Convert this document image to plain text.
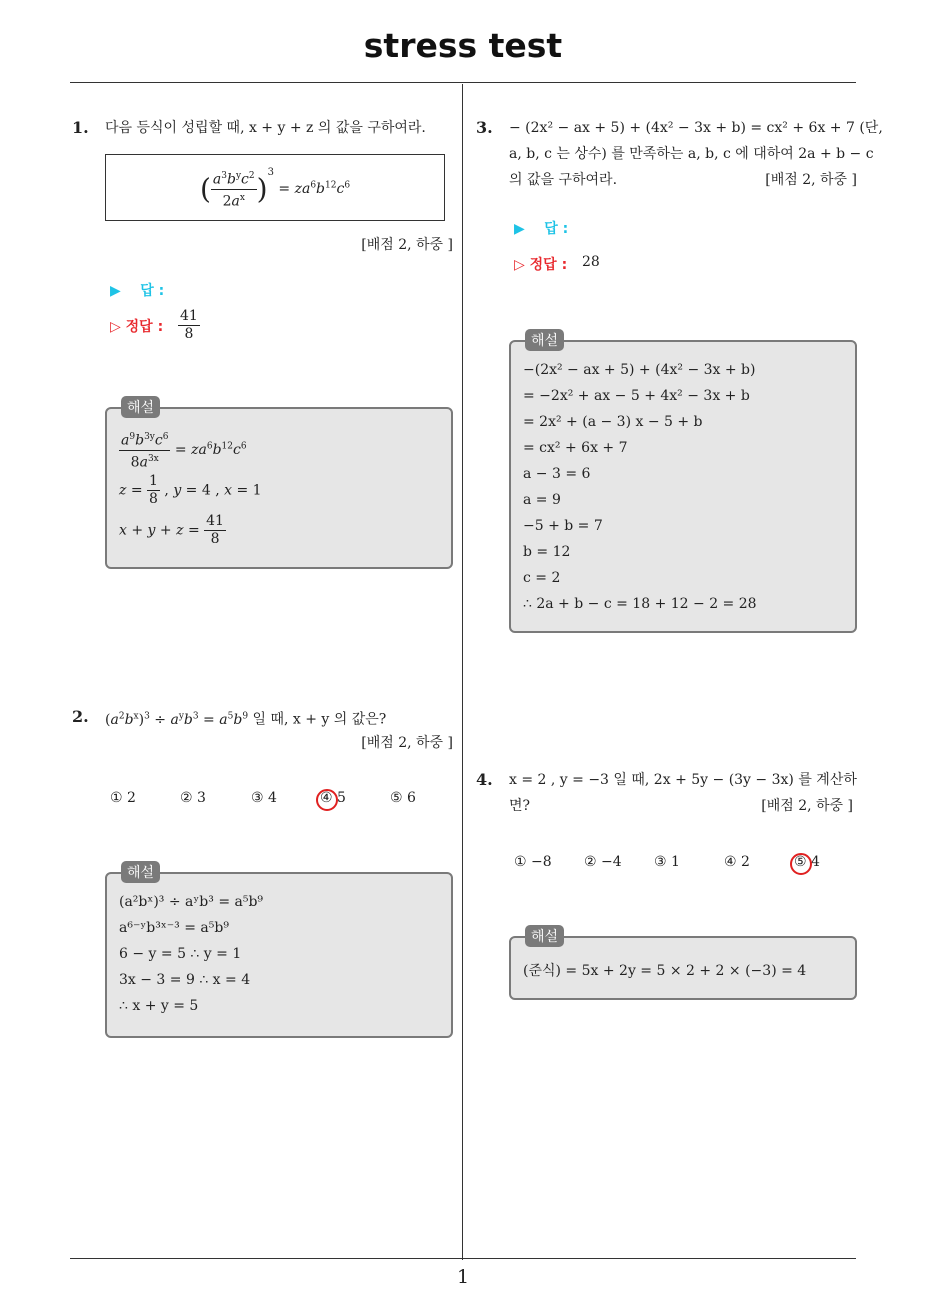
stress test
1
1. 다음 등식이 성립할 때, x + y + z 의 값을 구하여라.
( $\frac{a^3b^yc^2}{2a^x} )^3 = za^6b^{12}c^6$
[배점 2, 하중 ]
▶ 답 :
▷ 정답 : $\frac{41}{8}$
해설
$\frac{a^9b^{3y}c^6}{8a^{3x}} = za^6b^{12}c^6$
$z = \frac{1}{8}$ , y = 4 , x = 1
$x + y + z = \frac{41}{8}$
2. $(a^2b^x)^3 \div a^yb^3 = a^5b^9$ 일 때, x + y 의 값은?
[배점 2, 하중 ]
① 2	② 3	③ 4	④ 5	⑤ 6
해설
(a²bˣ)³ ÷ aʸb³ = a⁵b⁹
a⁶⁻ʸb³ˣ⁻³ = a⁵b⁹
6 − y = 5 ∴ y = 1
3x − 3 = 9 ∴ x = 4
∴ x + y = 5
3. − (2x² − ax + 5) + (4x² − 3x + b) = cx² + 6x + 7 (단,
a, b, c 는 상수) 를 만족하는 a, b, c 에 대하여 2a + b − c
의 값을 구하여라.	[배점 2, 하중 ]
▶ 답 :
▷ 정답 : 28
해설
−(2x² − ax + 5) + (4x² − 3x + b)
= −2x² + ax − 5 + 4x² − 3x + b
= 2x² + (a − 3) x − 5 + b
= cx² + 6x + 7
a − 3 = 6
a = 9
−5 + b = 7
b = 12
c = 2
∴ 2a + b − c = 18 + 12 − 2 = 28
4. x = 2 , y = −3 일 때, 2x + 5y − (3y − 3x) 를 계산하
면?	[배점 2, 하중 ]
① −8 ② −4 ③ 1	④ 2	⑤ 4
해설
(준식) = 5x + 2y = 5 × 2 + 2 × (−3) = 4
